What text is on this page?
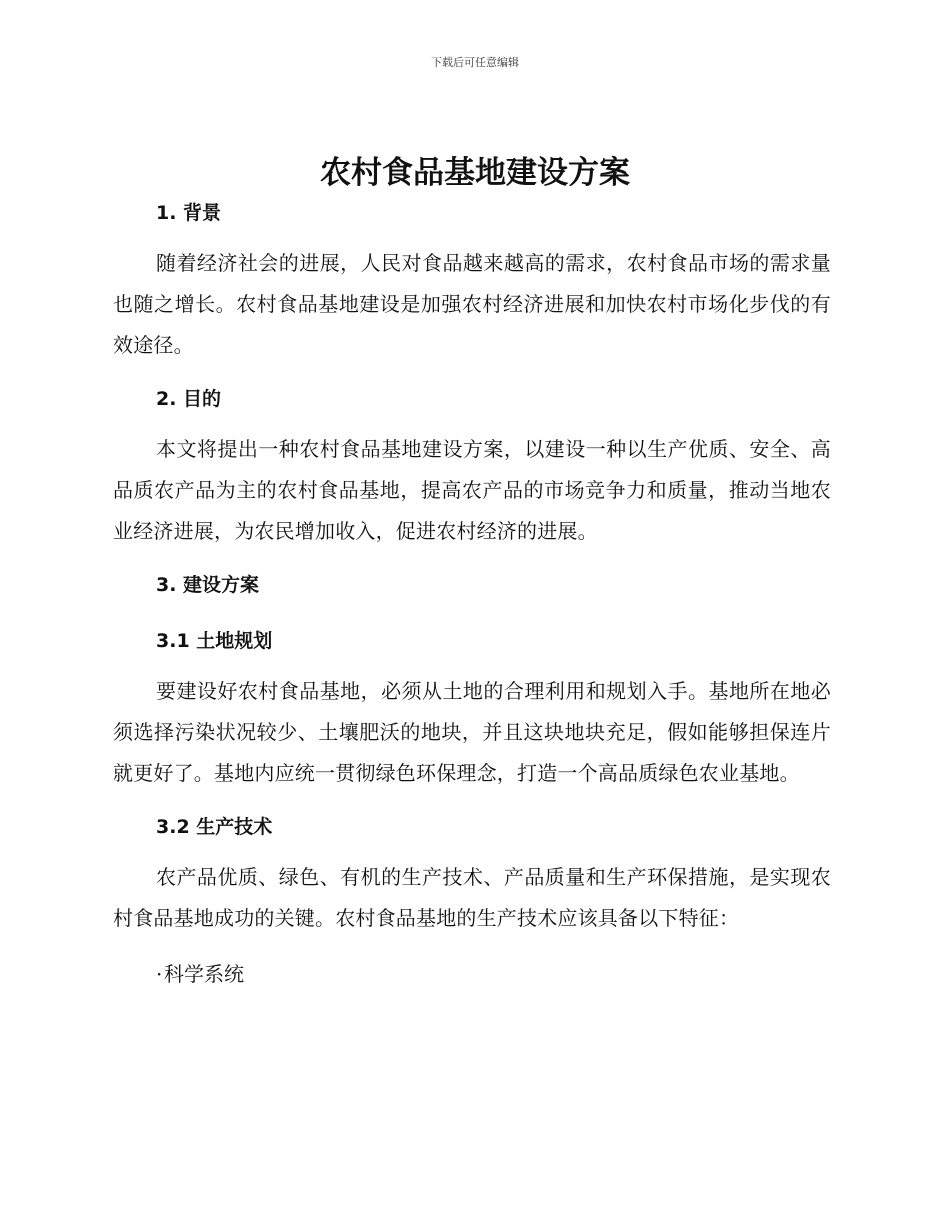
下载后可任意编辑
农村食品基地建设方案

1. 背景

随着经济社会的进展，人民对食品越来越高的需求，农村食品市场的需求量也随之增长。农村食品基地建设是加强农村经济进展和加快农村市场化步伐的有效途径。

2. 目的

本文将提出一种农村食品基地建设方案，以建设一种以生产优质、安全、高品质农产品为主的农村食品基地，提高农产品的市场竞争力和质量，推动当地农业经济进展，为农民增加收入，促进农村经济的进展。

3. 建设方案

3.1 土地规划

要建设好农村食品基地，必须从土地的合理利用和规划入手。基地所在地必须选择污染状况较少、土壤肥沃的地块，并且这块地块充足，假如能够担保连片就更好了。基地内应统一贯彻绿色环保理念，打造一个高品质绿色农业基地。

3.2 生产技术

农产品优质、绿色、有机的生产技术、产品质量和生产环保措施，是实现农村食品基地成功的关键。农村食品基地的生产技术应该具备以下特征：

·科学系统
